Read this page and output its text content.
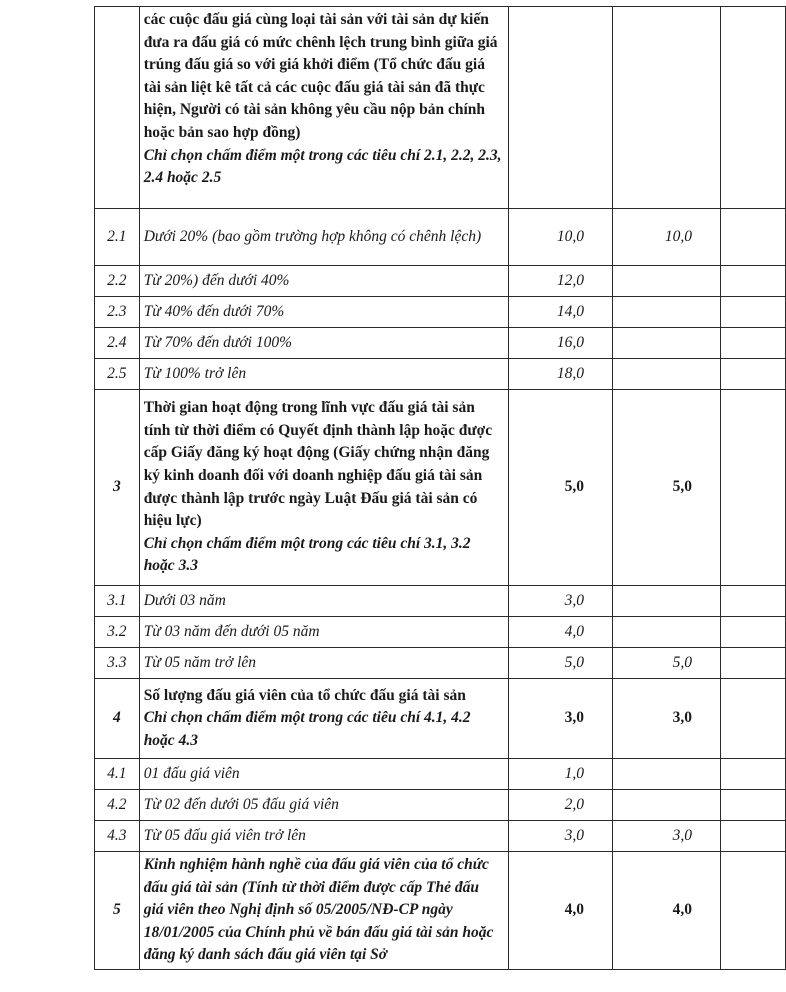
	các cuộc đấu giá cùng loại tài sản với tài sản dự kiến đưa ra đấu giá có mức chênh lệch trung bình giữa giá trúng đấu giá so với giá khởi điểm (Tổ chức đấu giá tài sản liệt kê tất cả các cuộc đấu giá tài sản đã thực hiện, Người có tài sản không yêu cầu nộp bản chính hoặc bản sao hợp đồng)
Chỉ chọn chấm điểm một trong các tiêu chí 2.1, 2.2, 2.3, 2.4 hoặc 2.5			

2.1	Dưới 20% (bao gồm trường hợp không có chênh lệch)	10,0	10,0	
2.2	Từ 20%) đến dưới 40%	12,0		
2.3	Từ 40% đến dưới 70%	14,0		
2.4	Từ 70% đến dưới 100%	16,0		
2.5	Từ 100% trở lên	18,0		
3	Thời gian hoạt động trong lĩnh vực đấu giá tài sản tính từ thời điểm có Quyết định thành lập hoặc được cấp Giấy đăng ký hoạt động (Giấy chứng nhận đăng ký kinh doanh đối với doanh nghiệp đấu giá tài sản được thành lập trước ngày Luật Đấu giá tài sản có hiệu lực)
Chỉ chọn chấm điểm một trong các tiêu chí 3.1, 3.2 hoặc 3.3	5,0	5,0	
3.1	Dưới 03 năm	3,0		
3.2	Từ 03 năm đến dưới 05 năm	4,0		
3.3	Từ 05 năm trở lên	5,0	5,0	
4	Số lượng đấu giá viên của tổ chức đấu giá tài sản
Chỉ chọn chấm điểm một trong các tiêu chí 4.1, 4.2 hoặc 4.3	3,0	3,0	
4.1	01 đấu giá viên	1,0		
4.2	Từ 02 đến dưới 05 đấu giá viên	2,0		
4.3	Từ 05 đấu giá viên trở lên	3,0	3,0	
5	Kinh nghiệm hành nghề của đấu giá viên của tổ chức đấu giá tài sản (Tính từ thời điểm được cấp Thẻ đấu giá viên theo Nghị định số 05/2005/NĐ-CP ngày 18/01/2005 của Chính phủ về bán đấu giá tài sản hoặc đăng ký danh sách đấu giá viên tại Sở	4,0	4,0	
